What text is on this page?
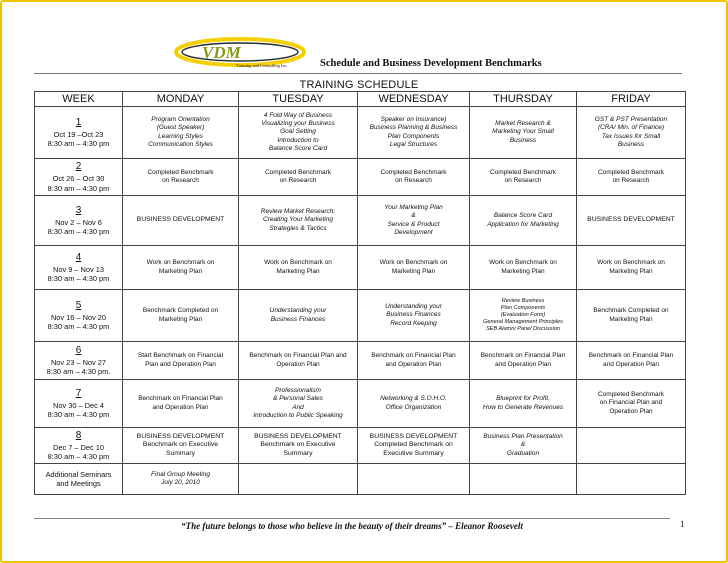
VDM
Training and Consulting Inc.	Schedule and Business Development Benchmarks
TRAINING SCHEDULE
WEEK	MONDAY	TUESDAY	WEDNESDAY	THURSDAY	FRIDAY

1
Oct 19 –Oct 23
8:30 am – 4:30 pm	Program Orientation
(Guest Speaker)
Learning Styles
Communication Styles	4 Fold Way of Business
Visualizing your Business
Goal Setting
Introduction to
Balance Score Card	Speaker on Insurance)
Business Planning & Business
Plan Components
Legal Structures	Market Research &
Marketing Your Small
Business	GST & PST Presentation
(CRA/ Min. of Finance)
Tax Issues for Small
Business

2
Oct 26 – Oct 30
8:30 am – 4:30 pm	Completed Benchmark
on Research	Completed Benchmark
on Research	Completed Benchmark
on Research	Completed Benchmark
on Research	Completed Benchmark
on Research

3
Nov 2 – Nov 6
8:30 am – 4:30 pm	BUSINESS DEVELOPMENT	Review Market Research;
Creating Your Marketing
Strategies & Tactics	Your Marketing Plan
&
Service & Product
Development	Balance Score Card
Application for Marketing	BUSINESS DEVELOPMENT

4
Nov 9 – Nov 13
8:30 am – 4:30 pm	Work on Benchmark on
Marketing Plan	Work on Benchmark on
Marketing Plan	Work on Benchmark on
Marketing Plan	Work on Benchmark on
Marketing Plan	Work on Benchmark on
Marketing Plan

5
Nov 16 – Nov 20
8:30 am – 4:30 pm	Benchmark Completed on
Marketing Plan	Understanding your
Business Finances	Understanding your
Business Finances
Record Keeping	Review Business
Plan Components
(Evaluation Form)
General Management Principles
SEB Alumni Panel Discussion	Benchmark Completed on
Marketing Plan

6
Nov 23 – Nov 27
8:30 am – 4:30 pm.	Start Benchmark on Financial
Plan and Operation Plan	Benchmark on Financial Plan and
Operation Plan	Benchmark on Financial Plan
and Operation Plan	Benchmark on Financial Plan
and Operation Plan	Benchmark on Financial Plan
and Operation Plan

7
Nov 30 – Dec 4
8:30 am – 4:30 pm	Benchmark on Financial Plan
and Operation Plan	Professionalism
& Personal Sales
And
Introduction to Public Speaking	Networking & S.O.H.O.
Office Organization	Blueprint for Profit,
How to Generate Revenues	Completed Benchmark
on Financial Plan and
Operation Plan

8
Dec 7 – Dec 10
8:30 am – 4:30 pm	BUSINESS DEVELOPMENT
Benchmark on Executive
Summary	BUSINESS DEVELOPMENT
Benchmark on Executive
Summary	BUSINESS DEVELOPMENT
Completed Benchmark on
Executive Summary	Business Plan Presentation
&
Graduation	

Additional Seminars
and Meetings	Final Group Meeting
July 20, 2010				

“The future belongs to those who believe in the beauty of their dreams” – Eleanor Roosevelt	1
